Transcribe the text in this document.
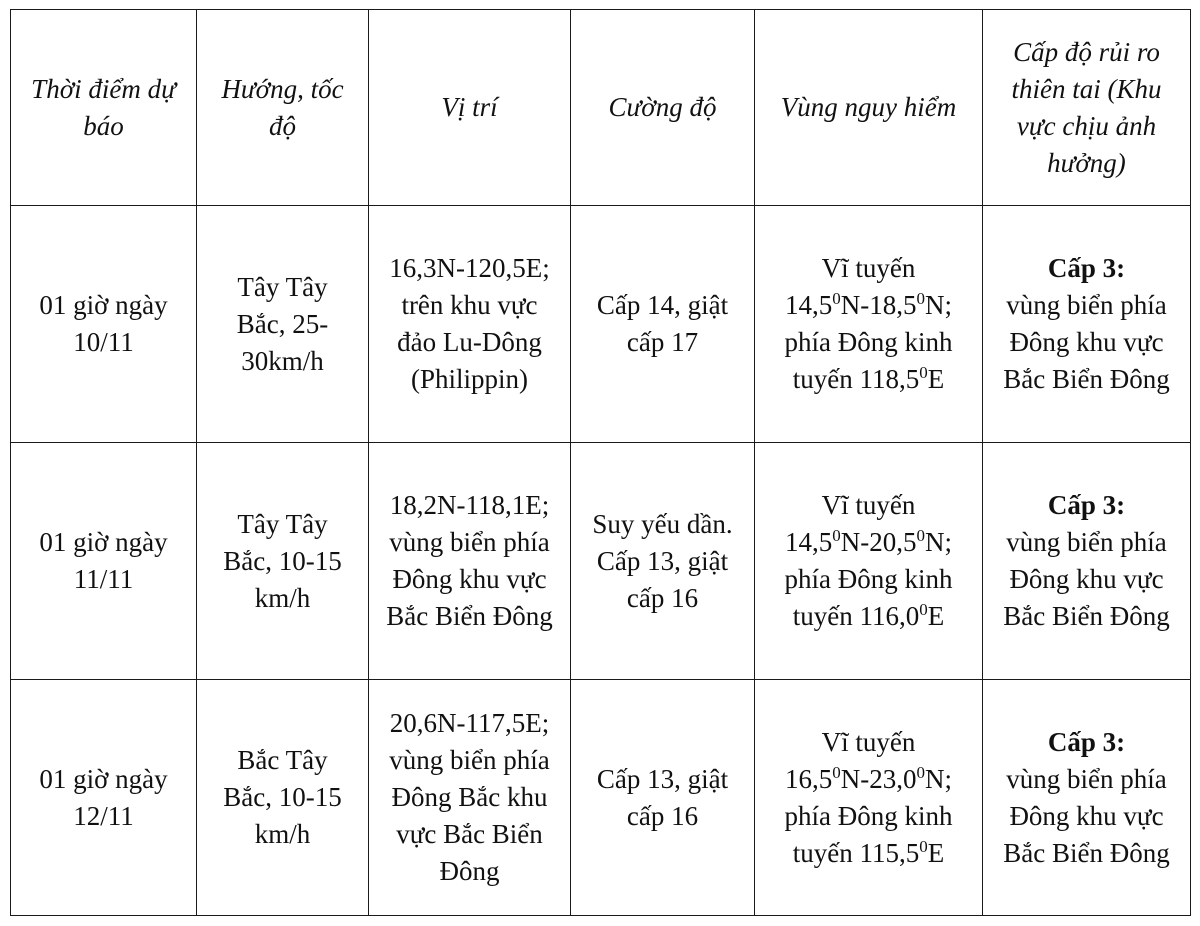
Thời điểm dự báo	Hướng, tốc độ	Vị trí	Cường độ	Vùng nguy hiểm	Cấp độ rủi ro thiên tai (Khu vực chịu ảnh hưởng)
01 giờ ngày 10/11	Tây Tây Bắc, 25-30km/h	16,3N-120,5E; trên khu vực đảo Lu-Dông (Philippin)	Cấp 14, giật cấp 17	Vĩ tuyến
14,5$^0$N-18,5$^0$N;
phía Đông kinh
tuyến 118,5$^0$E	Cấp 3:
vùng biển phía Đông khu vực Bắc Biển Đông
01 giờ ngày 11/11	Tây Tây Bắc, 10-15 km/h	18,2N-118,1E; vùng biển phía Đông khu vực Bắc Biển Đông	Suy yếu dần. Cấp 13, giật cấp 16	Vĩ tuyến
14,5$^0$N-20,5$^0$N;
phía Đông kinh
tuyến 116,0$^0$E	Cấp 3:
vùng biển phía Đông khu vực Bắc Biển Đông
01 giờ ngày 12/11	Bắc Tây Bắc, 10-15 km/h	20,6N-117,5E; vùng biển phía Đông Bắc khu vực Bắc Biển Đông	Cấp 13, giật cấp 16	Vĩ tuyến
16,5$^0$N-23,0$^0$N;
phía Đông kinh
tuyến 115,5$^0$E	Cấp 3:
vùng biển phía Đông khu vực Bắc Biển Đông
